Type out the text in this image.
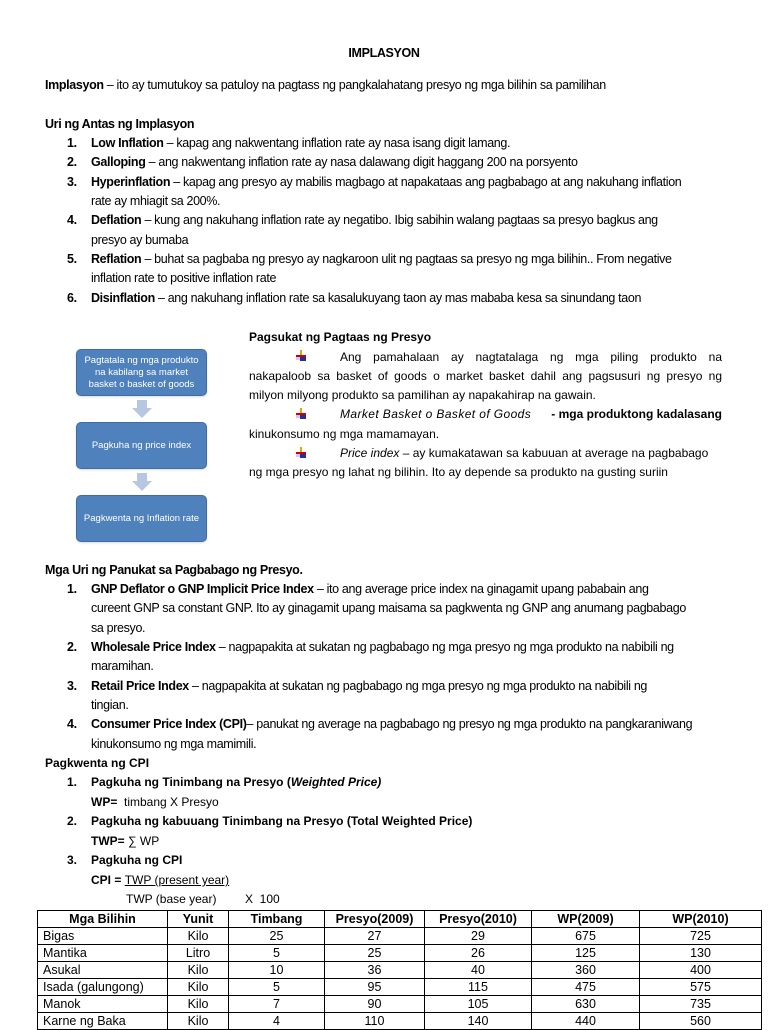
IMPLASYON
Implasyon – ito ay tumutukoy sa patuloy na pagtass ng pangkalahatang presyo ng mga bilihin sa pamilihan
Uri ng Antas ng Implasyon
1.	Low Inflation – kapag ang nakwentang inflation rate ay nasa isang digit lamang.
2.	Galloping – ang nakwentang inflation rate ay nasa dalawang digit haggang 200 na porsyento
3.	Hyperinflation – kapag ang presyo ay mabilis magbago at napakataas ang pagbabago at ang nakuhang inflation
rate ay mhiagit sa 200%.
4.	Deflation – kung ang nakuhang inflation rate ay negatibo. Ibig sabihin walang pagtaas sa presyo bagkus ang
presyo ay bumaba
5.	Reflation – buhat sa pagbaba ng presyo ay nagkaroon ulit ng pagtaas sa presyo ng mga bilihin.. From negative
inflation rate to positive inflation rate
6.	Disinflation – ang nakuhang inflation rate sa kasalukuyang taon ay mas mababa kesa sa sinundang taon
Pagtatala ng mga produkto na kabilang sa market basket o basket of goods
Pagkuha ng price index
Pagkwenta ng Inflation rate
Pagsukat ng Pagtaas ng Presyo
Ang pamahalaan ay nagtatalaga ng mga piling produkto na
nakapaloob sa basket of goods o market basket dahil ang pagsusuri ng presyo ng
milyon milyong produkto sa pamilihan ay napakahirap na gawain.
Market Basket o Basket of Goods - mga produktong kadalasang
kinukonsumo ng mga mamamayan.
Price index – ay kumakatawan sa kabuuan at average na pagbabago
ng mga presyo ng lahat ng bilihin. Ito ay depende sa produkto na gusting suriin
Mga Uri ng Panukat sa Pagbabago ng Presyo.
1.	GNP Deflator o GNP Implicit Price Index – ito ang average price index na ginagamit upang pababain ang
cureent GNP sa constant GNP. Ito ay ginagamit upang maisama sa pagkwenta ng GNP ang anumang pagbabago
sa presyo.
2.	Wholesale Price Index – nagpapakita at sukatan ng pagbabago ng mga presyo ng mga produkto na nabibili ng
maramihan.
3.	Retail Price Index – nagpapakita at sukatan ng pagbabago ng mga presyo ng mga produkto na nabibili ng
tingian.
4.	Consumer Price Index (CPI)– panukat ng average na pagbabago ng presyo ng mga produkto na pangkaraniwang
kinukonsumo ng mga mamimili.
Pagkwenta ng CPI
1.	Pagkuha ng Tinimbang na Presyo (Weighted Price)
WP=  timbang X Presyo
2.	Pagkuha ng kabuuang Tinimbang na Presyo (Total Weighted Price)
TWP= ∑ WP
3.	Pagkuha ng CPI
CPI = TWP (present year)
TWP (base year) X  100
Mga Bilihin	Yunit	Timbang	Presyo(2009)	Presyo(2010)	WP(2009)	WP(2010)
Bigas	Kilo	25	27	29	675	725
Mantika	Litro	5	25	26	125	130
Asukal	Kilo	10	36	40	360	400
Isada (galungong)	Kilo	5	95	115	475	575
Manok	Kilo	7	90	105	630	735
Karne ng Baka	Kilo	4	110	140	440	560
